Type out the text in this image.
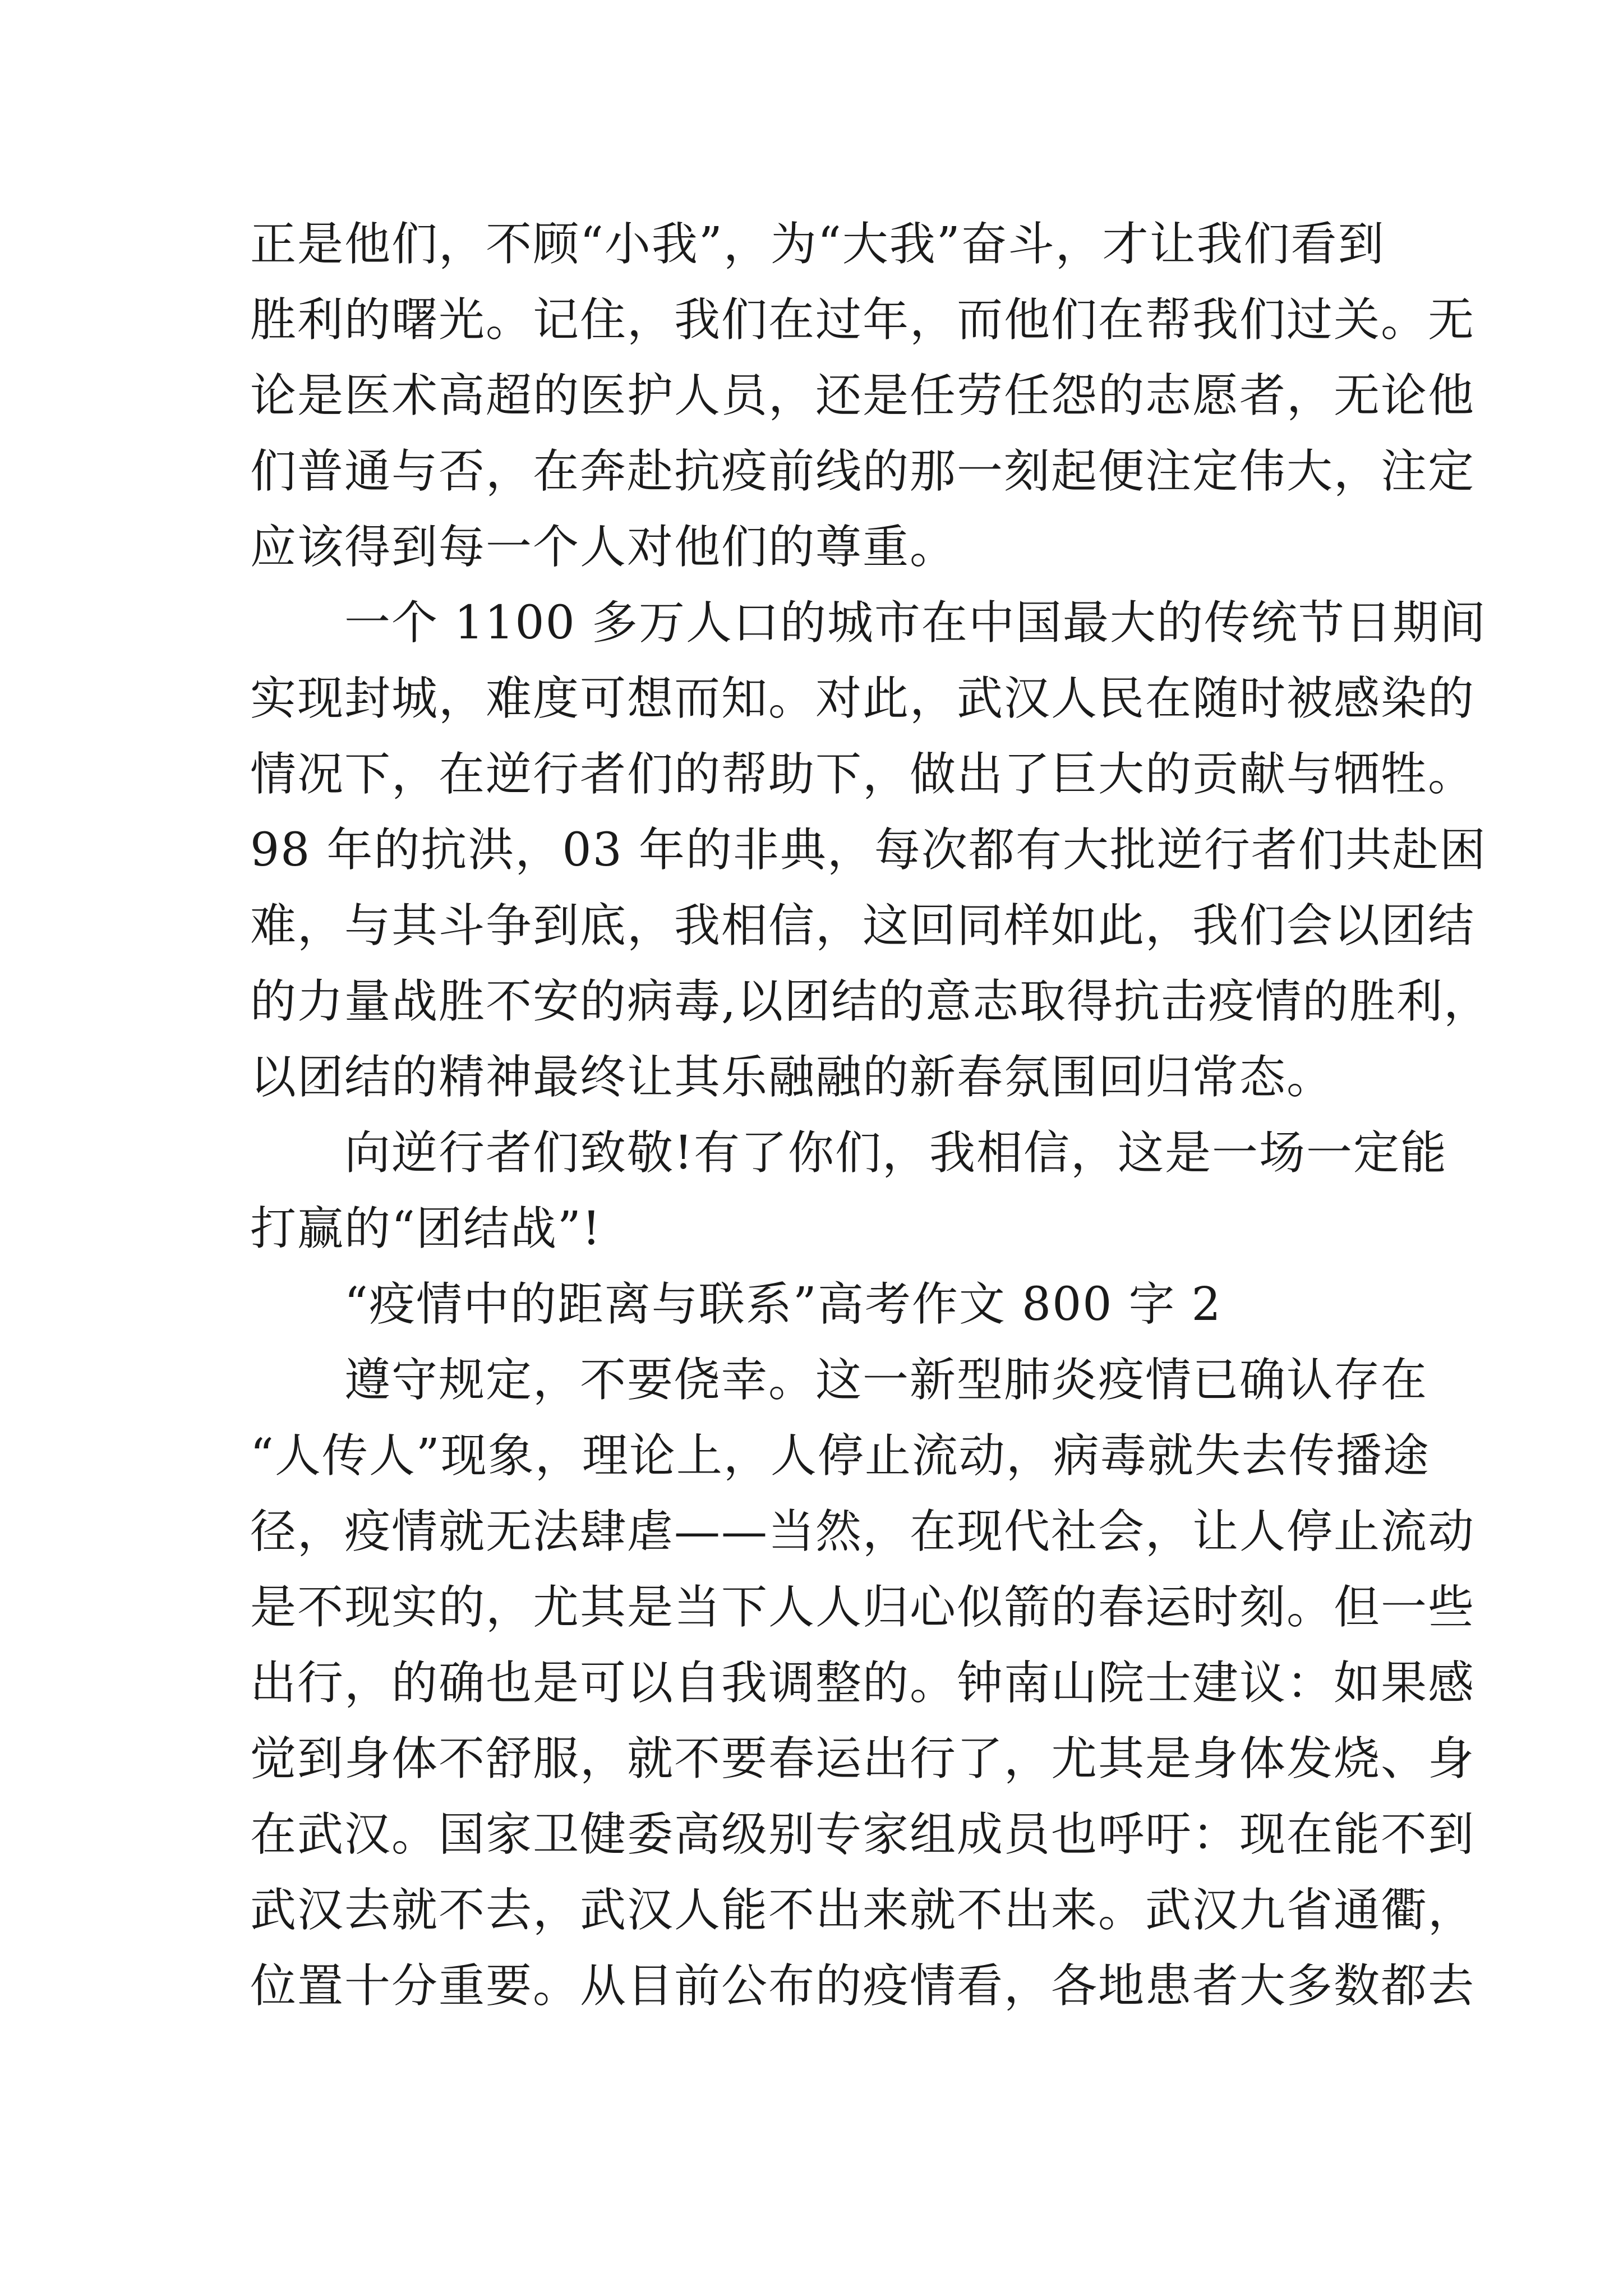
正是他们，不顾“小我”，为“大我”奋斗，才让我们看到
胜利的曙光。记住，我们在过年，而他们在帮我们过关。无
论是医术高超的医护人员，还是任劳任怨的志愿者，无论他
们普通与否，在奔赴抗疫前线的那一刻起便注定伟大，注定
应该得到每一个人对他们的尊重。
　　一个 1100 多万人口的城市在中国最大的传统节日期间
实现封城，难度可想而知。对此，武汉人民在随时被感染的
情况下，在逆行者们的帮助下，做出了巨大的贡献与牺牲。
98 年的抗洪，03 年的非典，每次都有大批逆行者们共赴困
难，与其斗争到底，我相信，这回同样如此，我们会以团结
的力量战胜不安的病毒,以团结的意志取得抗击疫情的胜利，
以团结的精神最终让其乐融融的新春氛围回归常态。
　　向逆行者们致敬!有了你们，我相信，这是一场一定能
打赢的“团结战”!
　　“疫情中的距离与联系”高考作文 800 字 2
　　遵守规定，不要侥幸。这一新型肺炎疫情已确认存在
“人传人”现象，理论上，人停止流动，病毒就失去传播途
径，疫情就无法肆虐——当然，在现代社会，让人停止流动
是不现实的，尤其是当下人人归心似箭的春运时刻。但一些
出行，的确也是可以自我调整的。钟南山院士建议：如果感
觉到身体不舒服，就不要春运出行了，尤其是身体发烧、身
在武汉。国家卫健委高级别专家组成员也呼吁：现在能不到
武汉去就不去，武汉人能不出来就不出来。武汉九省通衢，
位置十分重要。从目前公布的疫情看，各地患者大多数都去
